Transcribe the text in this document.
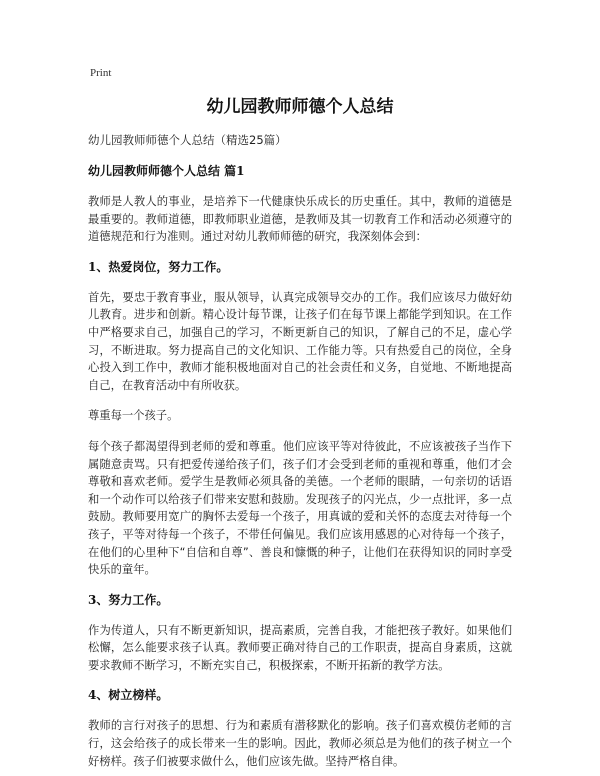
Print
幼儿园教师师德个人总结
幼儿园教师师德个人总结（精选25篇）
幼儿园教师师德个人总结 篇1
教师是人教人的事业，是培养下一代健康快乐成长的历史重任。其中，教师的道德是最重要的。教师道德，即教师职业道德，是教师及其一切教育工作和活动必须遵守的道德规范和行为准则。通过对幼儿教师师德的研究，我深刻体会到：
1、热爱岗位，努力工作。
首先，要忠于教育事业，服从领导，认真完成领导交办的工作。我们应该尽力做好幼儿教育。进步和创新。精心设计每节课，让孩子们在每节课上都能学到知识。在工作中严格要求自己，加强自己的学习，不断更新自己的知识，了解自己的不足，虚心学习，不断进取。努力提高自己的文化知识、工作能力等。只有热爱自己的岗位，全身心投入到工作中，教师才能积极地面对自己的社会责任和义务，自觉地、不断地提高自己，在教育活动中有所收获。
尊重每一个孩子。
每个孩子都渴望得到老师的爱和尊重。他们应该平等对待彼此，不应该被孩子当作下属随意责骂。只有把爱传递给孩子们，孩子们才会受到老师的重视和尊重，他们才会尊敬和喜欢老师。爱学生是教师必须具备的美德。一个老师的眼睛，一句亲切的话语和一个动作可以给孩子们带来安慰和鼓励。发现孩子的闪光点，少一点批评，多一点鼓励。教师要用宽广的胸怀去爱每一个孩子，用真诚的爱和关怀的态度去对待每一个孩子，平等对待每一个孩子，不带任何偏见。我们应该用感恩的心对待每一个孩子，在他们的心里种下“自信和自尊”、善良和慷慨的种子，让他们在获得知识的同时享受快乐的童年。
3、努力工作。
作为传道人，只有不断更新知识，提高素质，完善自我，才能把孩子教好。如果他们松懈，怎么能要求孩子认真。教师要正确对待自己的工作职责，提高自身素质，这就要求教师不断学习，不断充实自己，积极探索，不断开拓新的教学方法。
4、树立榜样。
教师的言行对孩子的思想、行为和素质有潜移默化的影响。孩子们喜欢模仿老师的言行，这会给孩子的成长带来一生的影响。因此，教师必须总是为他们的孩子树立一个好榜样。孩子们被要求做什么，他们应该先做。坚持严格自律。
